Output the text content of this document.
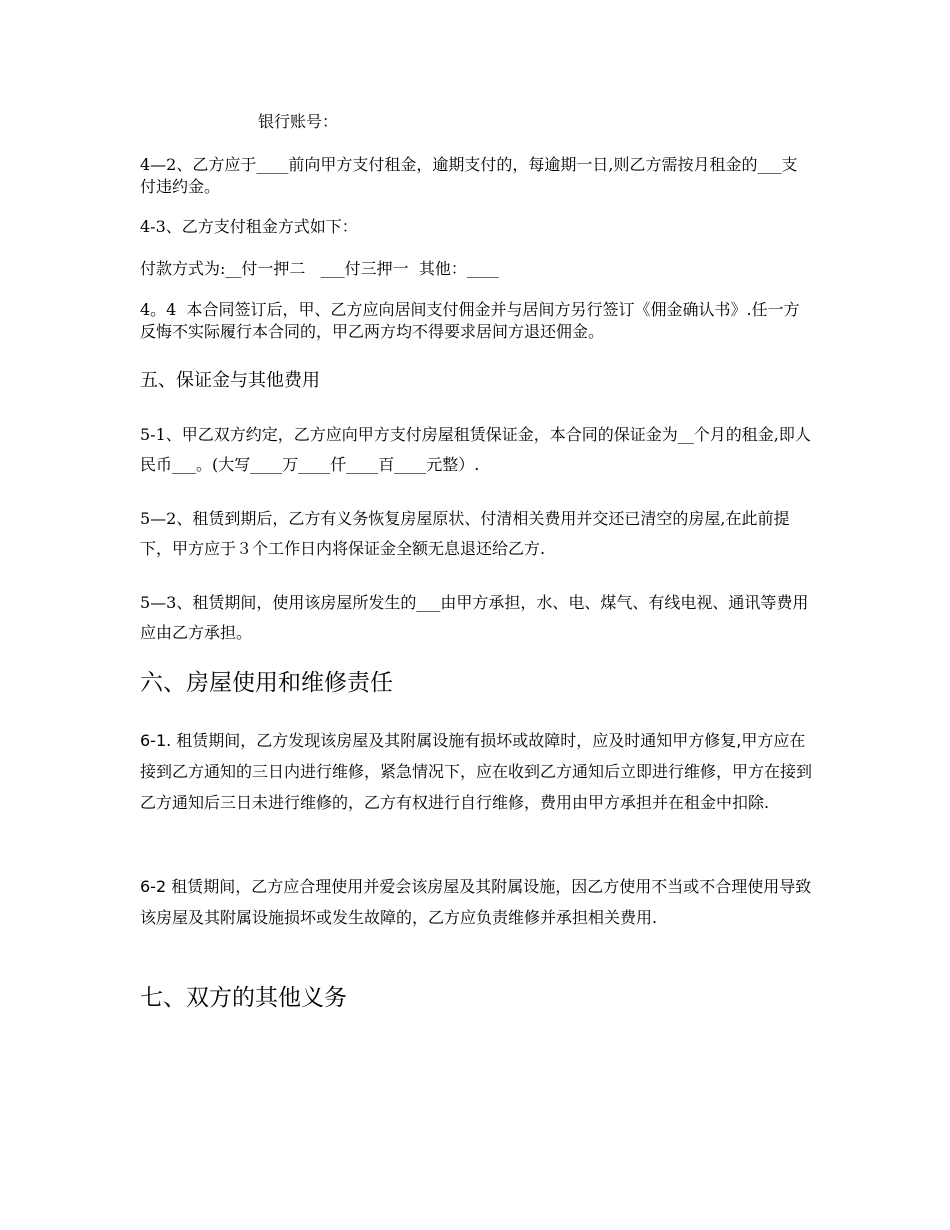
银行账号：

4—2、乙方应于____前向甲方支付租金，逾期支付的，每逾期一日,则乙方需按月租金的___支付违约金。

4-3、乙方支付租金方式如下：

付款方式为:__付一押二   ___付三押一  其他：____

4。4  本合同签订后，甲、乙方应向居间支付佣金并与居间方另行签订《佣金确认书》.任一方反悔不实际履行本合同的，甲乙两方均不得要求居间方退还佣金。

五、保证金与其他费用

5-1、甲乙双方约定，乙方应向甲方支付房屋租赁保证金，本合同的保证金为__个月的租金,即人民币___。(大写____万____仟____百____元整）.

5—2、租赁到期后，乙方有义务恢复房屋原状、付清相关费用并交还已清空的房屋,在此前提下，甲方应于３个工作日内将保证金全额无息退还给乙方.

5—3、租赁期间，使用该房屋所发生的___由甲方承担，水、电、煤气、有线电视、通讯等费用应由乙方承担。

六、房屋使用和维修责任

6-1. 租赁期间，乙方发现该房屋及其附属设施有损坏或故障时，应及时通知甲方修复,甲方应在接到乙方通知的三日内进行维修，紧急情况下，应在收到乙方通知后立即进行维修，甲方在接到乙方通知后三日未进行维修的，乙方有权进行自行维修，费用由甲方承担并在租金中扣除.

6-2 租赁期间，乙方应合理使用并爱会该房屋及其附属设施，因乙方使用不当或不合理使用导致该房屋及其附属设施损坏或发生故障的，乙方应负责维修并承担相关费用.

七、双方的其他义务
